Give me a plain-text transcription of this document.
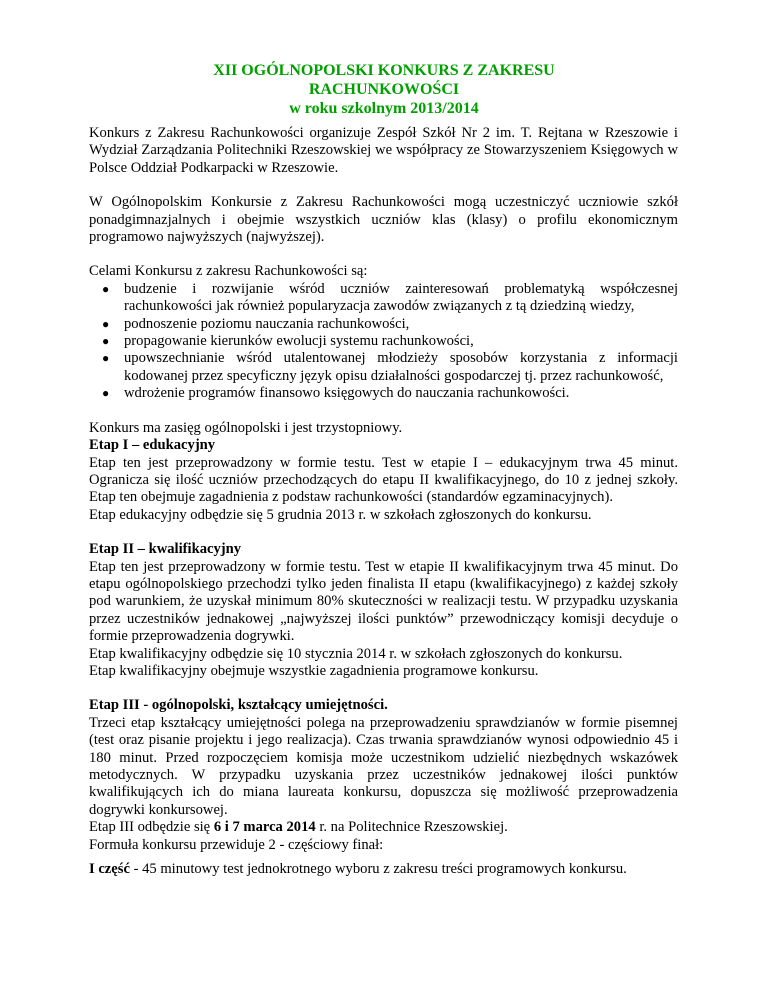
XII OGÓLNOPOLSKI KONKURS Z ZAKRESU
RACHUNKOWOŚCI
w roku szkolnym 2013/2014

Konkurs z Zakresu Rachunkowości organizuje Zespół Szkół Nr 2 im. T. Rejtana w Rzeszowie i Wydział Zarządzania Politechniki Rzeszowskiej we współpracy ze Stowarzyszeniem Księgowych w Polsce Oddział Podkarpacki w Rzeszowie.

W Ogólnopolskim Konkursie z Zakresu Rachunkowości mogą uczestniczyć uczniowie szkół ponadgimnazjalnych i obejmie wszystkich uczniów klas (klasy) o profilu ekonomicznym programowo najwyższych (najwyższej).

Celami Konkursu z zakresu Rachunkowości są:

● budzenie i rozwijanie wśród uczniów zainteresowań problematyką współczesnej rachunkowości jak również popularyzacja zawodów związanych z tą dziedziną wiedzy,
● podnoszenie poziomu nauczania rachunkowości,
● propagowanie kierunków ewolucji systemu rachunkowości,
● upowszechnianie wśród utalentowanej młodzieży sposobów korzystania z informacji kodowanej przez specyficzny język opisu działalności gospodarczej tj. przez rachunkowość,
● wdrożenie programów finansowo księgowych do nauczania rachunkowości.

Konkurs ma zasięg ogólnopolski i jest trzystopniowy.

Etap I – edukacyjny

Etap ten jest przeprowadzony w formie testu. Test w etapie I – edukacyjnym trwa 45 minut. Ogranicza się ilość uczniów przechodzących do etapu II kwalifikacyjnego, do 10 z jednej szkoły. Etap ten obejmuje zagadnienia z podstaw rachunkowości (standardów egzaminacyjnych).

Etap edukacyjny odbędzie się 5 grudnia 2013 r. w szkołach zgłoszonych do konkursu.

Etap II – kwalifikacyjny

Etap ten jest przeprowadzony w formie testu. Test w etapie II kwalifikacyjnym trwa 45 minut. Do etapu ogólnopolskiego przechodzi tylko jeden finalista II etapu (kwalifikacyjnego) z każdej szkoły pod warunkiem, że uzyskał minimum 80% skuteczności w realizacji testu. W przypadku uzyskania przez uczestników jednakowej „najwyższej ilości punktów” przewodniczący komisji decyduje o formie przeprowadzenia dogrywki.

Etap kwalifikacyjny odbędzie się 10 stycznia 2014 r. w szkołach zgłoszonych do konkursu.

Etap kwalifikacyjny obejmuje wszystkie zagadnienia programowe konkursu.

Etap III - ogólnopolski, kształcący umiejętności.

Trzeci etap kształcący umiejętności polega na przeprowadzeniu sprawdzianów w formie pisemnej (test oraz pisanie projektu i jego realizacja). Czas trwania sprawdzianów wynosi odpowiednio 45 i 180 minut. Przed rozpoczęciem komisja może uczestnikom udzielić niezbędnych wskazówek metodycznych. W przypadku uzyskania przez uczestników jednakowej ilości punktów kwalifikujących ich do miana laureata konkursu, dopuszcza się możliwość przeprowadzenia dogrywki konkursowej.

Etap III odbędzie się 6 i 7 marca 2014 r. na Politechnice Rzeszowskiej.

Formuła konkursu przewiduje 2 - częściowy finał:

I część - 45 minutowy test jednokrotnego wyboru z zakresu treści programowych konkursu.
